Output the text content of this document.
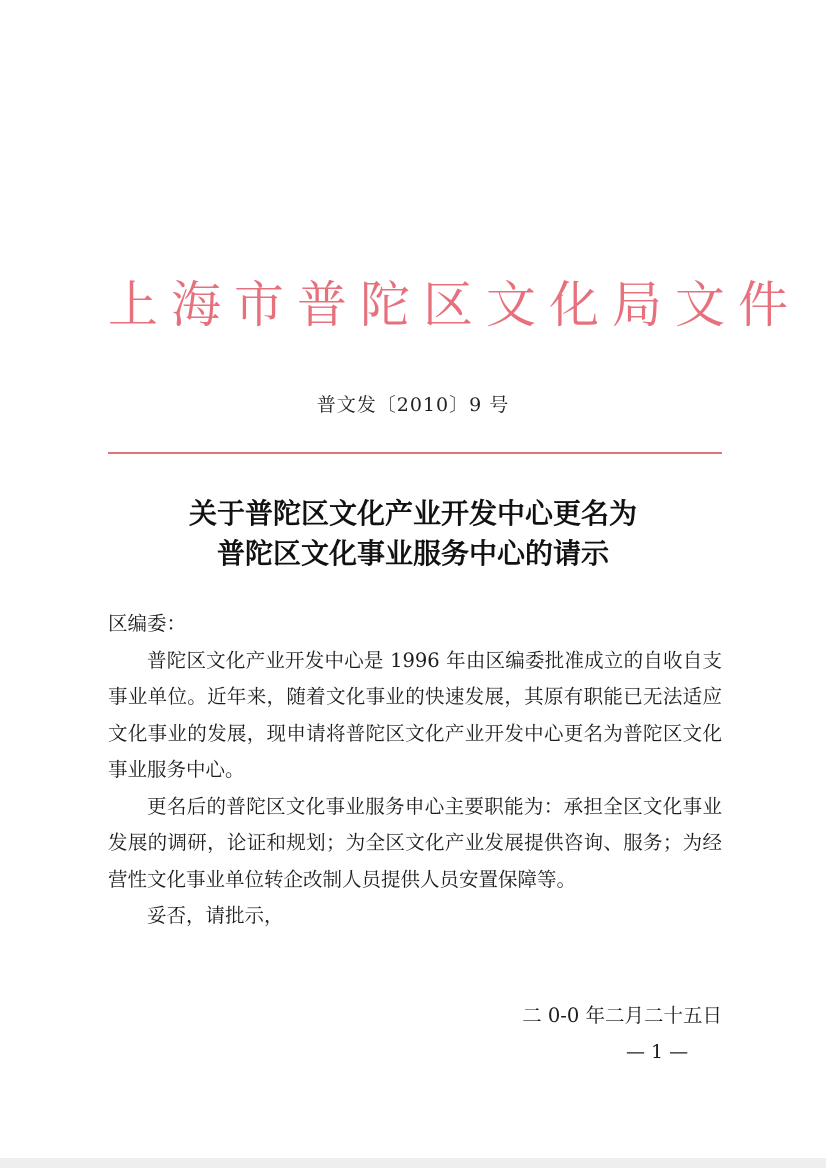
上海市普陀区文化局文件
普文发〔2010〕9 号
关于普陀区文化产业开发中心更名为
普陀区文化事业服务中心的请示

区编委：

普陀区文化产业开发中心是 1996 年由区编委批准成立的自收自支事业单位。近年来，随着文化事业的快速发展，其原有职能已无法适应文化事业的发展，现申请将普陀区文化产业开发中心更名为普陀区文化事业服务中心。

更名后的普陀区文化事业服务申心主要职能为：承担全区文化事业发展的调研，论证和规划；为全区文化产业发展提供咨询、服务；为经营性文化事业单位转企改制人员提供人员安置保障等。

妥否，请批示，

二 0-0 年二月二十五日
— 1 —
